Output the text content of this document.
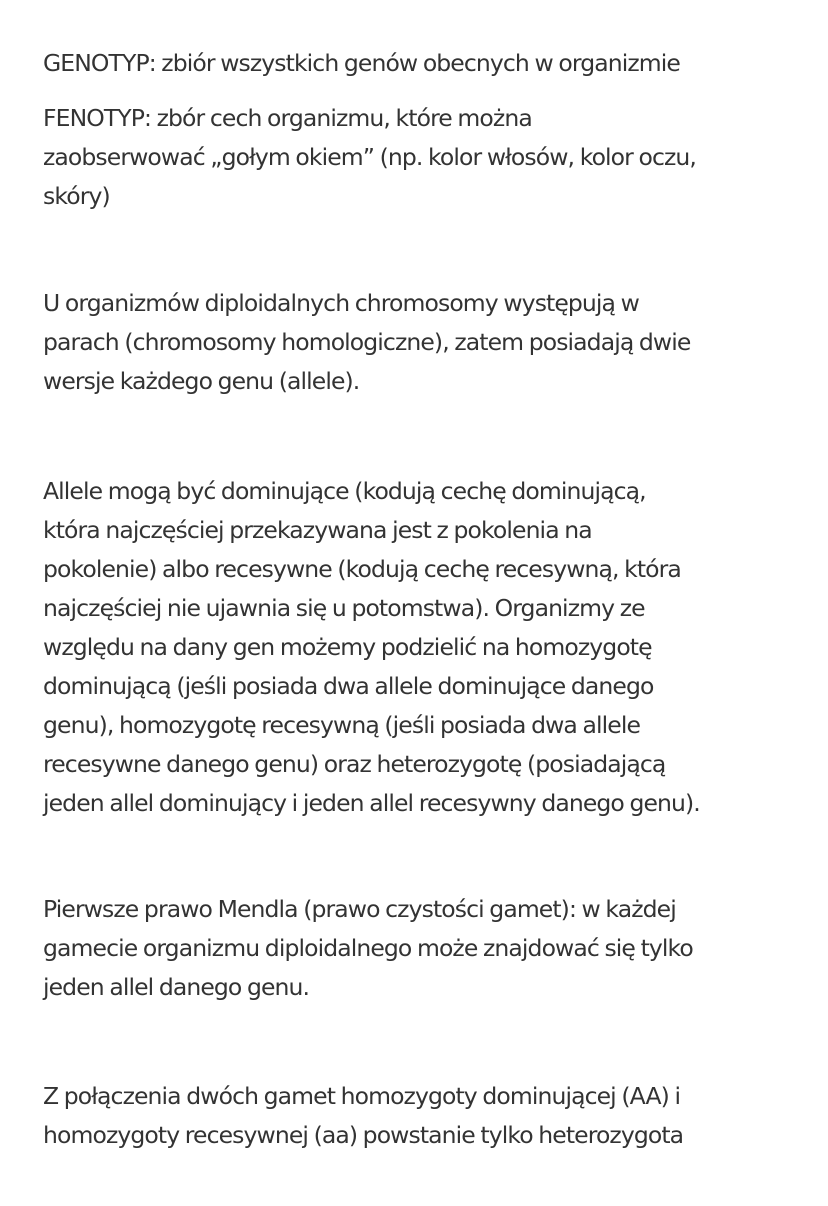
GENOTYP: zbiór wszystkich genów obecnych w organizmie
FENOTYP: zbór cech organizmu, które można
zaobserwować „gołym okiem” (np. kolor włosów, kolor oczu,
skóry)
U organizmów diploidalnych chromosomy występują w
parach (chromosomy homologiczne), zatem posiadają dwie
wersje każdego genu (allele).
Allele mogą być dominujące (kodują cechę dominującą,
która najczęściej przekazywana jest z pokolenia na
pokolenie) albo recesywne (kodują cechę recesywną, która
najczęściej nie ujawnia się u potomstwa). Organizmy ze
względu na dany gen możemy podzielić na homozygotę
dominującą (jeśli posiada dwa allele dominujące danego
genu), homozygotę recesywną (jeśli posiada dwa allele
recesywne danego genu) oraz heterozygotę (posiadającą
jeden allel dominujący i jeden allel recesywny danego genu).
Pierwsze prawo Mendla (prawo czystości gamet): w każdej
gamecie organizmu diploidalnego może znajdować się tylko
jeden allel danego genu.
Z połączenia dwóch gamet homozygoty dominującej (AA) i
homozygoty recesywnej (aa) powstanie tylko heterozygota
